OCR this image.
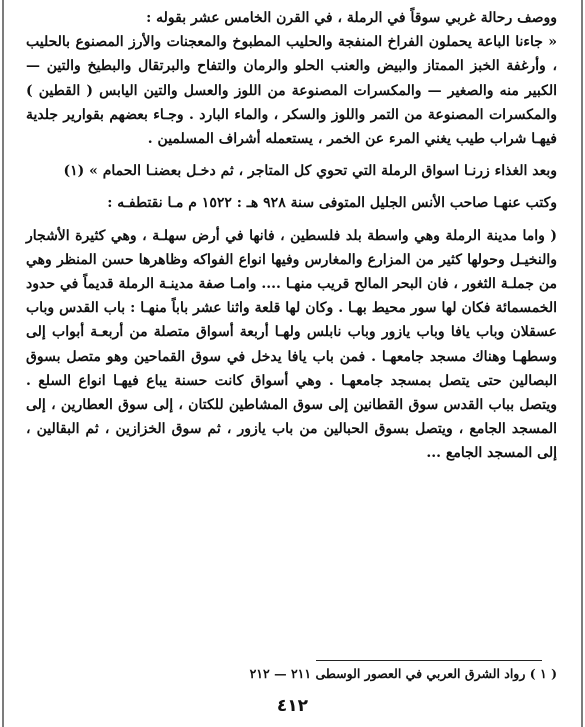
ووصف رحالة غربي سوقاً في الرملة ، في القرن الخامس عشر بقوله :

« جاءنا الباعة يحملون الفراخ المنفجة والحليب المطبوخ والمعجنات والأرز المصنوع بالحليب ، وأرغفة الخبز الممتاز والبيض والعنب الحلو والرمان والتفاح والبرتقال والبطيخ والتين — الكبير منه والصغير — والمكسرات المصنوعة من اللوز والعسل والتين اليابس ( القطين ) والمكسرات المصنوعة من التمر واللوز والسكر ، والماء البارد . وجـاء بعضهم بقوارير جلدية فيهـا شراب طيب يغني المرء عن الخمر ، يستعمله أشراف المسلمين .

وبعد الغذاء زرنـا اسواق الرملة التي تحوي كل المتاجر ، ثم دخـل بعضنـا الحمام » (١)

وكتب عنهـا صاحب الأنس الجليل المتوفى سنة ٩٢٨ هـ : ١٥٢٢ م مـا نقتطفـه :

( واما مدينة الرملة وهي واسطة بلد فلسطين ، فانها في أرض سهلـة ، وهي كثيرة الأشجار والنخيـل وحولها كثير من المزارع والمغارس وفيها انواع الفواكه وظاهرها حسن المنظر وهي من جملـة الثغور ، فان البحر المالح قريب منهـا .... وامـا صفة مدينـة الرملة قديماً في حدود الخمسمائة فكان لها سور محيط بهـا . وكان لها قلعة واثنا عشر باباً منهـا : باب القدس وباب عسقلان وباب يافا وباب يازور وباب نابلس ولهـا أربعة أسواق متصلة من أربعـة أبواب إلى وسطهـا وهناك مسجد جامعهـا . فمن باب يافا يدخل في سوق القماحين وهو متصل بسوق البصالين حتى يتصل بمسجد جامعهـا . وهي أسواق كانت حسنة يباع فيهـا انواع السلع . ويتصل بباب القدس سوق القطانين إلى سوق المشاطين للكتان ، إلى سوق العطارين ، إلى المسجد الجامع ، ويتصل بسوق الحبالين من باب يازور ، ثم سوق الخزازين ، ثم البقالين ، إلى المسجد الجامع ...

( ١ ) رواد الشرق العربي في العصور الوسطى ٢١١ — ٢١٢

٤١٢
